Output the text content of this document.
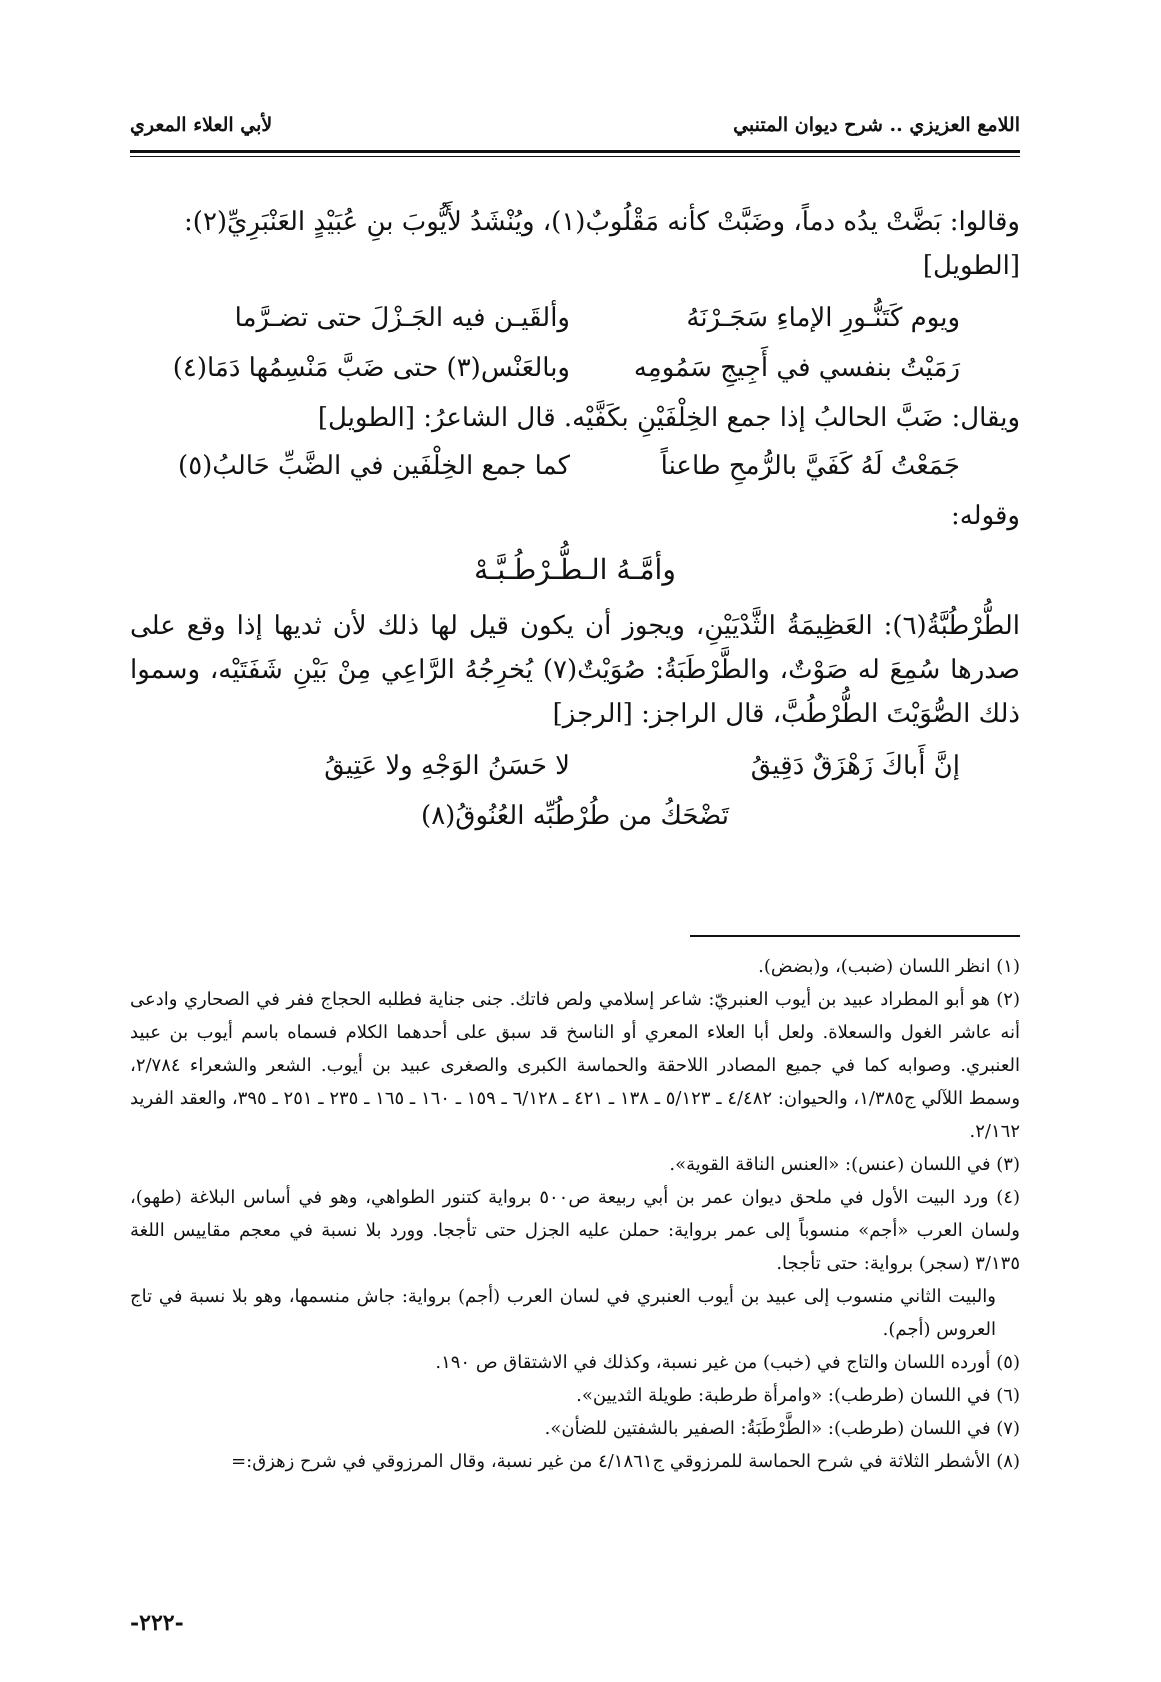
اللامع العزيزي .. شرح ديوان المتنبي
لأبي العلاء المعري

وقالوا: بَضَّتْ يدُه دماً، وضَبَّتْ كأنه مَقْلُوبٌ(١)، ويُنْشَدُ لأَيُّوبَ بنِ عُبَيْدٍ العَنْبَرِيِّ(٢):

[الطويل]

ويوم كَتَنُّـورِ الإماءِ سَجَـرْنَهُ
وألقَيـن فيه الجَـزْلَ حتى تضـرَّما
رَمَيْتُ بنفسي في أَجِيجِ سَمُومِه
وبالعَنْس(٣) حتى ضَبَّ مَنْسِمُها دَمَا(٤)

ويقال: ضَبَّ الحالبُ إذا جمع الخِلْفَيْنِ بكَفَّيْه. قال الشاعرُ: [الطويل]

جَمَعْتُ لَهُ كَفَيَّ بالرُّمحِ طاعناً
كما جمع الخِلْفَين في الضَّبِّ حَالبُ(٥)

وقوله:

وأمَّـهُ الـطُّـرْطُـبَّـهْ

الطُّرْطُبَّةُ(٦): العَظِيمَةُ الثَّدْيَيْنِ، ويجوز أن يكون قيل لها ذلك لأن ثديها إذا وقع على صدرها سُمِعَ له صَوْتٌ، والطَّرْطَبَةُ: صُوَيْتٌ(٧) يُخرِجُهُ الرَّاعِي مِنْ بَيْنِ شَفَتَيْه، وسموا ذلك الصُّوَيْتَ الطُّرْطُبَّ، قال الراجز: [الرجز]

إنَّ أَباكَ زَهْزَقٌ دَقِيقُ
لا حَسَنُ الوَجْهِ ولا عَتِيقُ

تَضْحَكُ من طُرْطُبِّه العُنُوقُ(٨)

(١) انظر اللسان (ضبب)، و(بضض).

(٢) هو أبو المطراد عبيد بن أيوب العنبريّ: شاعر إسلامي ولص فاتك. جنى جناية فطلبه الحجاج ففر في الصحاري وادعى أنه عاشر الغول والسعلاة. ولعل أبا العلاء المعري أو الناسخ قد سبق على أحدهما الكلام فسماه باسم أيوب بن عبيد العنبري. وصوابه كما في جميع المصادر اللاحقة والحماسة الكبرى والصغرى عبيد بن أيوب. الشعر والشعراء ٢/٧٨٤، وسمط اللآلي ج١/٣٨٥، والحيوان: ٤/٤٨٢ ـ ٥/١٢٣ ـ ١٣٨ ـ ٤٢١ ـ ٦/١٢٨ ـ ١٥٩ ـ ١٦٠ ـ ١٦٥ ـ ٢٣٥ ـ ٢٥١ ـ ٣٩٥، والعقد الفريد ٢/١٦٢.

(٣) في اللسان (عنس): «العنس الناقة القوية».

(٤) ورد البيت الأول في ملحق ديوان عمر بن أبي ربيعة ص٥٠٠ برواية كتنور الطواهي، وهو في أساس البلاغة (طهو)، ولسان العرب «أجم» منسوباً إلى عمر برواية: حملن عليه الجزل حتى تأججا. وورد بلا نسبة في معجم مقاييس اللغة ٣/١٣٥ (سجر) برواية: حتى تأججا.

والبيت الثاني منسوب إلى عبيد بن أيوب العنبري في لسان العرب (أجم) برواية: جاش منسمها، وهو بلا نسبة في تاج العروس (أجم).

(٥) أورده اللسان والتاج في (خبب) من غير نسبة، وكذلك في الاشتقاق ص ١٩٠.

(٦) في اللسان (طرطب): «وامرأة طرطبة: طويلة الثديين».

(٧) في اللسان (طرطب): «الطَّرْطَبَةُ: الصفير بالشفتين للضأن».

(٨) الأشطر الثلاثة في شرح الحماسة للمرزوقي ج٤/١٨٦١ من غير نسبة، وقال المرزوقي في شرح زهزق:=

-٢٢٢-
